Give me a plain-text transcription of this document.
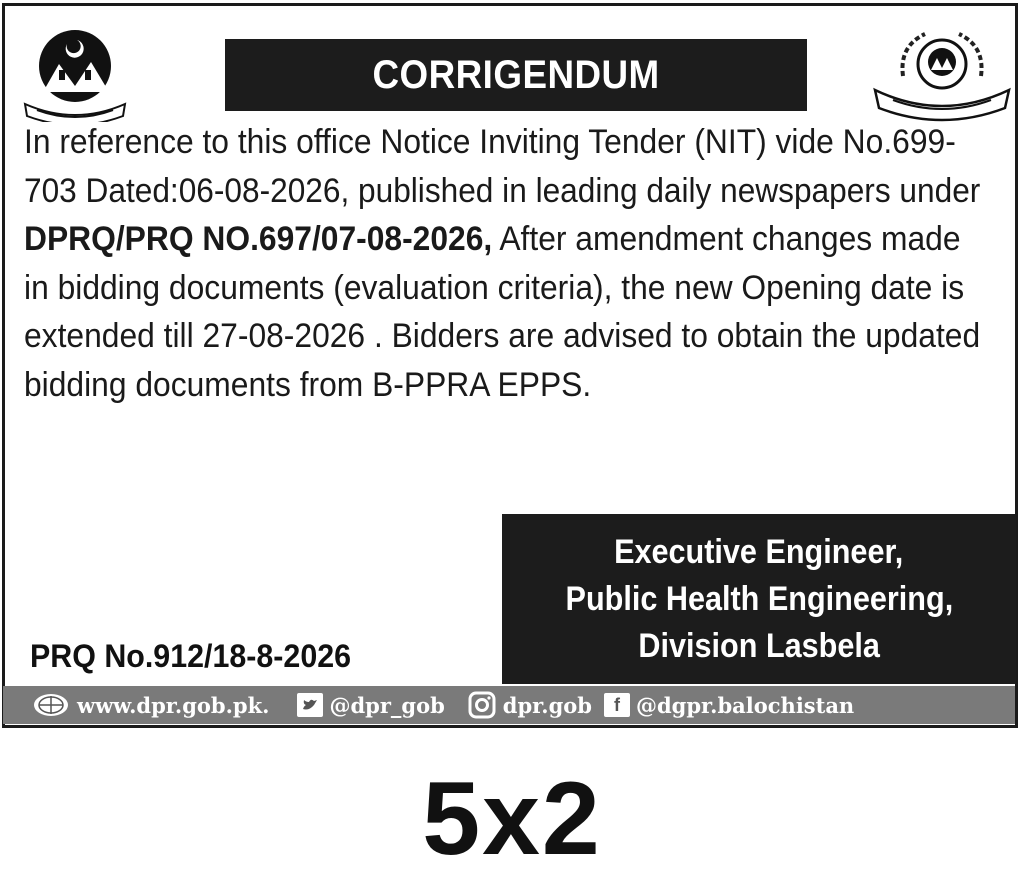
CORRIGENDUM
In reference to this office Notice Inviting Tender (NIT) vide No.699-
703 Dated:06-08-2026, published in leading daily newspapers under
DPRQ/PRQ NO.697/07-08-2026, After amendment changes made
in bidding documents (evaluation criteria), the new Opening date is
extended till 27-08-2026 . Bidders are advised to obtain the updated
bidding documents from B-PPRA EPPS.
Executive Engineer,
Public Health Engineering,
Division Lasbela
PRQ No.912/18-8-2026
www.dpr.gob.pk.	@dpr_gob	dpr.gob	f @dgpr.balochistan
5x2
